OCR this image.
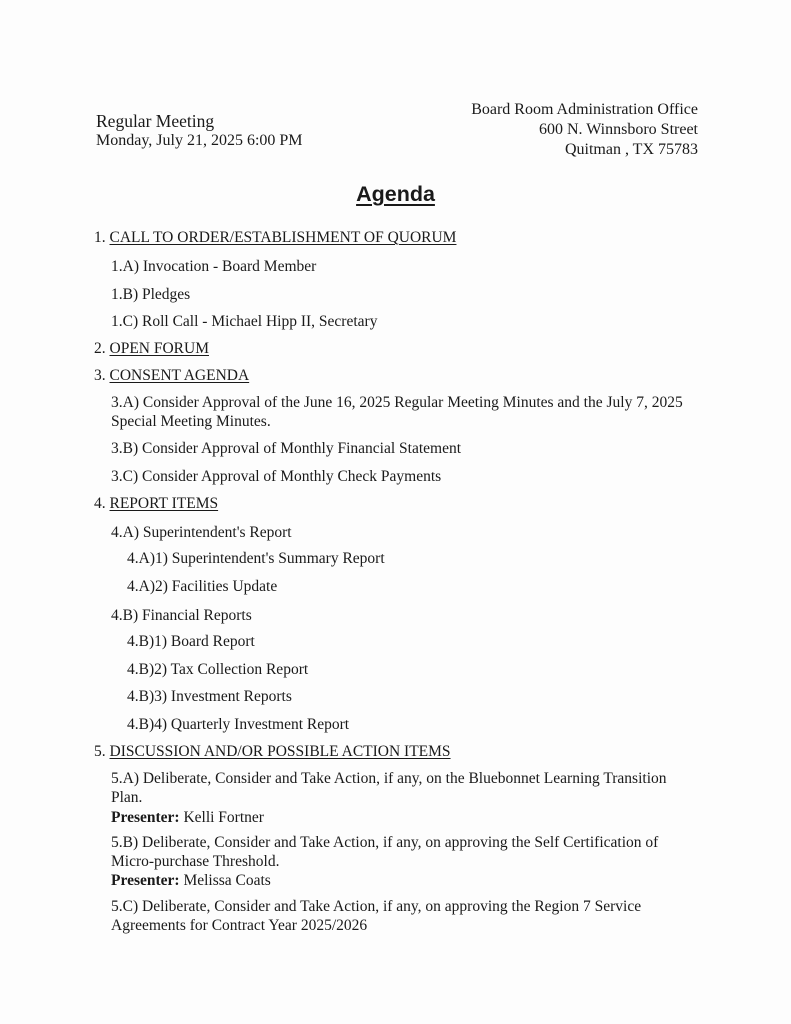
Regular Meeting
Monday, July 21, 2025 6:00 PM
Board Room Administration Office
600 N. Winnsboro Street
Quitman , TX 75783
Agenda
1. CALL TO ORDER/ESTABLISHMENT OF QUORUM
1.A) Invocation - Board Member
1.B) Pledges
1.C) Roll Call - Michael Hipp II, Secretary
2. OPEN FORUM
3. CONSENT AGENDA
3.A) Consider Approval of the June 16, 2025 Regular Meeting Minutes and the July 7, 2025 Special Meeting Minutes.
3.B) Consider Approval of Monthly Financial Statement
3.C) Consider Approval of Monthly Check Payments
4. REPORT ITEMS
4.A) Superintendent's Report
4.A)1) Superintendent's Summary Report
4.A)2) Facilities Update
4.B) Financial Reports
4.B)1) Board Report
4.B)2) Tax Collection Report
4.B)3) Investment Reports
4.B)4) Quarterly Investment Report
5. DISCUSSION AND/OR POSSIBLE ACTION ITEMS
5.A) Deliberate, Consider and Take Action, if any, on the Bluebonnet Learning Transition Plan.
Presenter: Kelli Fortner
5.B) Deliberate, Consider and Take Action, if any, on approving the Self Certification of Micro-purchase Threshold.
Presenter: Melissa Coats
5.C) Deliberate, Consider and Take Action, if any, on approving the Region 7 Service Agreements for Contract Year 2025/2026
